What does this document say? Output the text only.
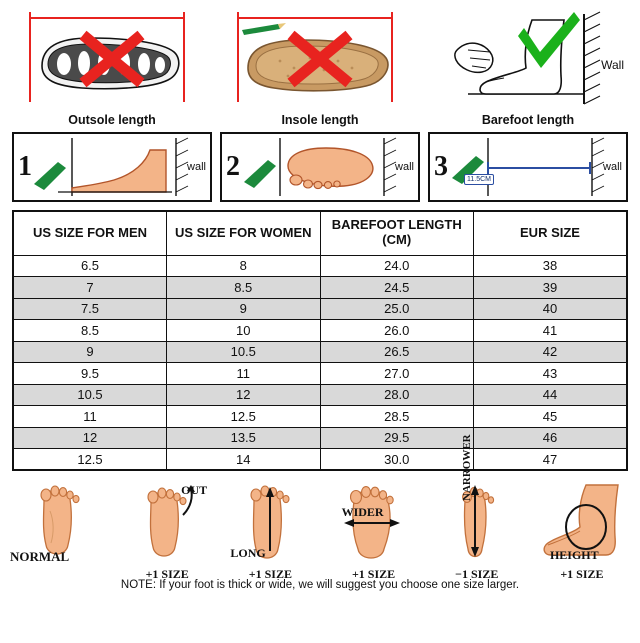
Outsole length	Insole length
Wall
Barefoot length
1	wall 2	wall 3	11.5CM
wall
US SIZE FOR MEN	US SIZE FOR WOMEN	BAREFOOT LENGTH (CM)	EUR SIZE
6.5	8	24.0	38
7	8.5	24.5	39
7.5	9	25.0	40
8.5	10	26.0	41
9	10.5	26.5	42
9.5	11	27.0	43
10.5	12	28.0	44
11	12.5	28.5	45
12	13.5	29.5	46
12.5	14	30.0	47
NORMAL
OUT
+1 SIZE
LONG
+1 SIZE
WIDER
+1 SIZE
NARROWER
−1 SIZE
HEIGHT
+1 SIZE
NOTE: If your foot is thick or wide, we will suggest you choose one size larger.
